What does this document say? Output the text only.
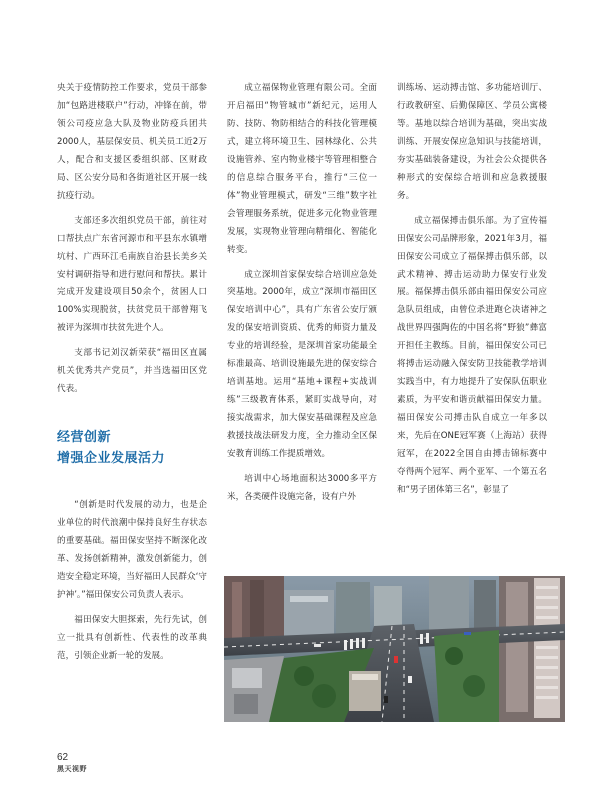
央关于疫情防控工作要求，党员干部参加“包路进楼联户”行动，冲锋在前，带领公司疫应急大队及物业防疫兵团共2000人，基层保安员、机关员工近2万人，配合和支援区委组织部、区财政局、区公安分局和各街道社区开展一线抗疫行动。

支部还多次组织党员干部，前往对口帮扶点广东省河源市和平县东水镇增坑村、广西环江毛南族自治县长美乡关安村调研指导和进行慰问和帮扶。累计完成开发建设项目50余个，贫困人口100%实现脱贫，扶贫党员干部曾翔飞被评为深圳市扶贫先进个人。

支部书记刘汉新荣获“福田区直属机关优秀共产党员”，并当选福田区党代表。

经营创新
增强企业发展活力

“创新是时代发展的动力，也是企业单位的时代浪潮中保持良好生存状态的重要基础。福田保安坚持不断深化改革、发扬创新精神，激发创新能力，创造安全稳定环境，当好福田人民群众‘守护神’。”福田保安公司负责人表示。

福田保安大胆探索，先行先试，创立一批具有创新性、代表性的改革典范，引领企业新一轮的发展。

成立福保物业管理有限公司。全面开启福田“物管城市”新纪元，运用人防、技防、物防相结合的科技化管理模式，建立将环境卫生、园林绿化、公共设施管养、室内物业楼宇等管理相整合的信息综合服务平台，推行“三位一体”物业管理模式，研发“三维”数字社会管理服务系统，促进多元化物业管理发展，实现物业管理向精细化、智能化转变。

成立深圳首家保安综合培训应急处突基地。2000年，成立“深圳市福田区保安培训中心”，具有广东省公安厅颁发的保安培训资质、优秀的师资力量及专业的培训经验，是深圳首家功能最全标准最高、培训设施最先进的保安综合培训基地。运用“基地+课程+实战训练”三级教育体系，紧盯实战导向，对接实战需求，加大保安基础课程及应急救援技战法研发力度，全力推动全区保安教育训练工作提质增效。

培训中心场地面积达3000多平方米，各类硬件设施完备，设有户外

训练场、运动搏击馆、多功能培训厅、行政教研室、后勤保障区、学员公寓楼等。基地以综合培训为基础，突出实战训练、开展安保应急知识与技能培训，夯实基础装备建设，为社会公众提供各种形式的安保综合培训和应急救援服务。

成立福保搏击俱乐部。为了宣传福田保安公司品牌形象，2021年3月，福田保安公司成立了福保搏击俱乐部，以武术精神、搏击运动助力保安行业发展。福保搏击俱乐部由福田保安公司应急队员组成，由曾位杀进跑仑决诸神之战世界四强陶佐的中国名将“野狼”彝富开担任主教练。目前，福田保安公司已将搏击运动融入保安防卫技能教学培训实践当中，有力地提升了安保队伍职业素质，为平安和谐贡献福田保安力量。福田保安公司搏击队自成立一年多以来，先后在ONE冠军赛（上海站）获得冠军，在2022全国自由搏击锦标赛中夺得两个冠军、两个亚军、一个第五名和“男子团体第三名”，彰显了

62
黑天视野
